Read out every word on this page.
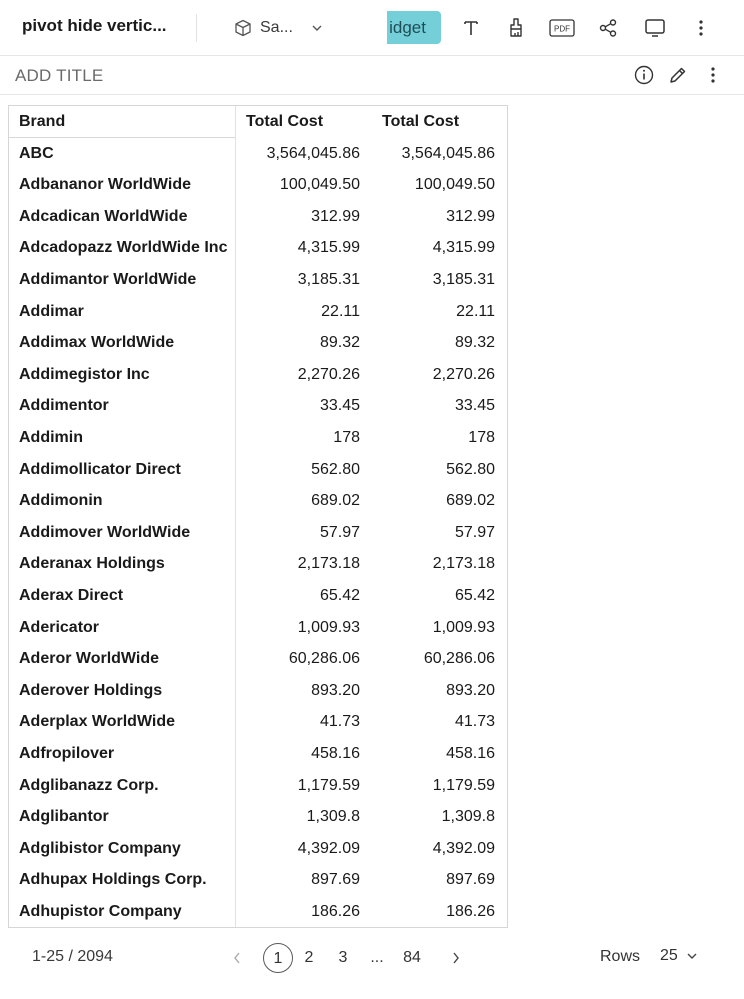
pivot hide vertic...	Sa...	idget	PDF
ADD TITLE
Brand	Total Cost	Total Cost
ABC	3,564,045.86	3,564,045.86
Adbananor WorldWide	100,049.50	100,049.50
Adcadican WorldWide	312.99	312.99
Adcadopazz WorldWide Inc	4,315.99	4,315.99
Addimantor WorldWide	3,185.31	3,185.31
Addimar	22.11	22.11
Addimax WorldWide	89.32	89.32
Addimegistor Inc	2,270.26	2,270.26
Addimentor	33.45	33.45
Addimin	178	178
Addimollicator Direct	562.80	562.80
Addimonin	689.02	689.02
Addimover WorldWide	57.97	57.97
Aderanax Holdings	2,173.18	2,173.18
Aderax Direct	65.42	65.42
Adericator	1,009.93	1,009.93
Aderor WorldWide	60,286.06	60,286.06
Aderover Holdings	893.20	893.20
Aderplax WorldWide	41.73	41.73
Adfropilover	458.16	458.16
Adglibanazz Corp.	1,179.59	1,179.59
Adglibantor	1,309.8	1,309.8
Adglibistor Company	4,392.09	4,392.09
Adhupax Holdings Corp.	897.69	897.69
Adhupistor Company	186.26	186.26
1-25 / 2094	1	2	3	... 84	Rows 25
